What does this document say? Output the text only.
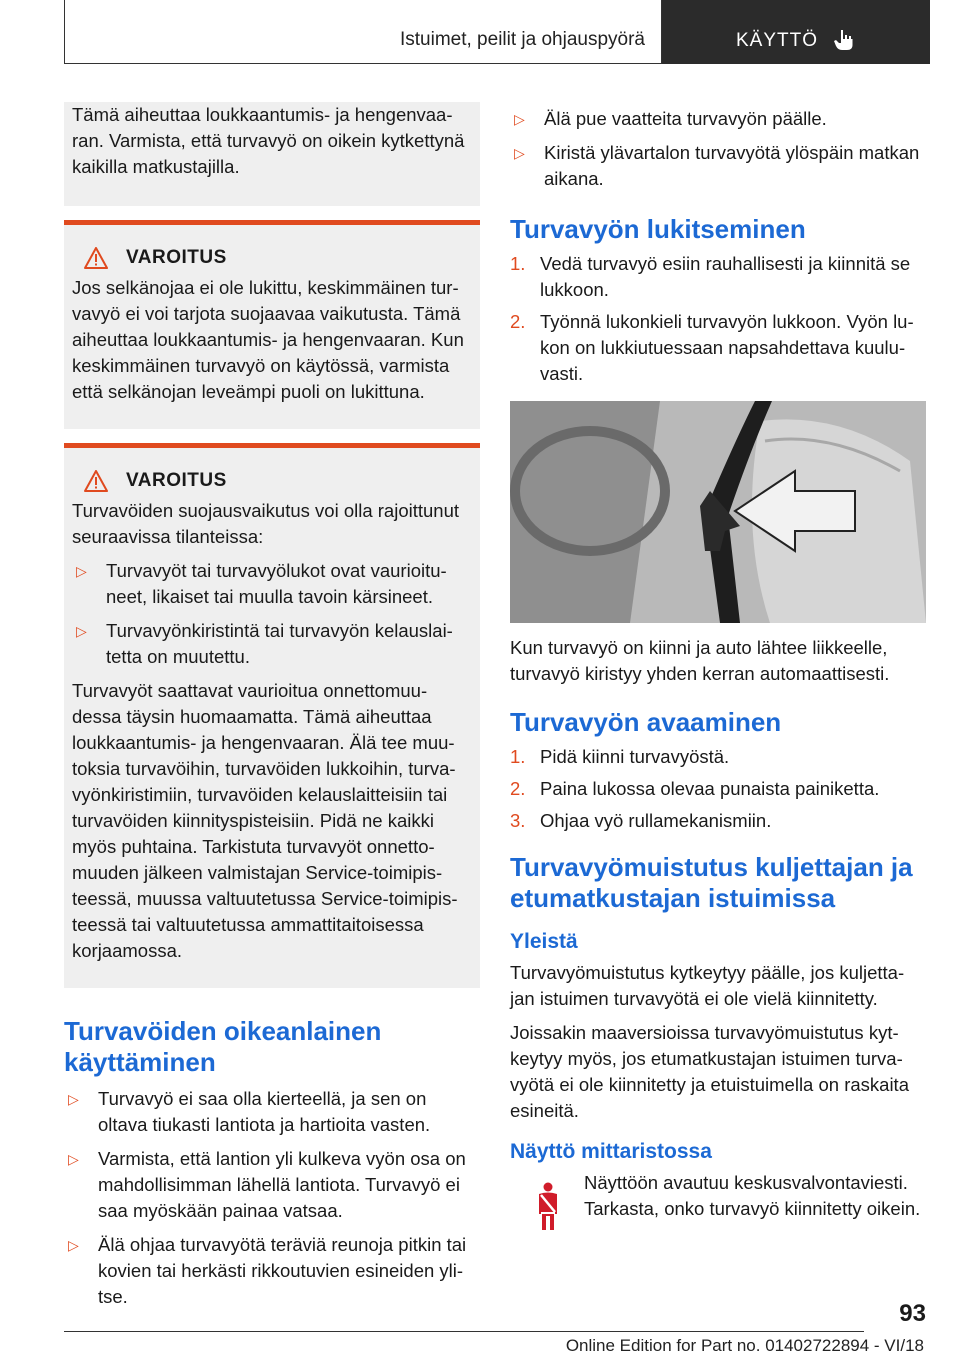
Istuimet, peilit ja ohjauspyörä	KÄYTTÖ

Tämä aiheuttaa loukkaantumis- ja hengenvaa-ran. Varmista, että turvavyö on oikein kytkettynä kaikilla matkustajilla.

VAROITUS

Jos selkänojaa ei ole lukittu, keskimmäinen tur-vavyö ei voi tarjota suojaavaa vaikutusta. Tämä aiheuttaa loukkaantumis- ja hengenvaaran. Kun keskimmäinen turvavyö on käytössä, varmista että selkänojan leveämpi puoli on lukittuna.

VAROITUS

Turvavöiden suojausvaikutus voi olla rajoittunut seuraavissa tilanteissa:

▷ Turvavyöt tai turvavyölukot ovat vaurioitu-neet, likaiset tai muulla tavoin kärsineet.
▷ Turvavyönkiristintä tai turvavyön kelauslai-tetta on muutettu.

Turvavyöt saattavat vaurioitua onnettomuu-dessa täysin huomaamatta. Tämä aiheuttaa loukkaantumis- ja hengenvaaran. Älä tee muu-toksia turvavöihin, turvavöiden lukkoihin, turva-vyönkiristimiin, turvavöiden kelauslaitteisiin tai turvavöiden kiinnityspisteisiin. Pidä ne kaikki myös puhtaina. Tarkistuta turvavyöt onnetto-muuden jälkeen valmistajan Service-toimipis-teessä, muussa valtuutetussa Service-toimipis-teessä tai valtuutetussa ammattitaitoisessa korjaamossa.

Turvavöiden oikeanlainen käyttäminen
▷ Turvavyö ei saa olla kierteellä, ja sen on oltava tiukasti lantiota ja hartioita vasten.
▷ Varmista, että lantion yli kulkeva vyön osa on mahdollisimman lähellä lantiota. Turvavyö ei saa myöskään painaa vatsaa.
▷ Älä ohjaa turvavyötä teräviä reunoja pitkin tai kovien tai herkästi rikkoutuvien esineiden yli-tse.
▷ Älä pue vaatteita turvavyön päälle.
▷ Kiristä ylävartalon turvavyötä ylöspäin matkan aikana.
Turvavyön lukitseminen
1. Vedä turvavyö esiin rauhallisesti ja kiinnitä se lukkoon.
2. Työnnä lukonkieli turvavyön lukkoon. Vyön lu-kon on lukkiutuessaan napsahdettava kuulu-vasti.

Kun turvavyö on kiinni ja auto lähtee liikkeelle, turvavyö kiristyy yhden kerran automaattisesti.

Turvavyön avaaminen
1. Pidä kiinni turvavyöstä.
2. Paina lukossa olevaa punaista painiketta.
3. Ohjaa vyö rullamekanismiin.
Turvavyömuistutus kuljettajan ja etumatkustajan istuimissa
Yleistä

Turvavyömuistutus kytkeytyy päälle, jos kuljetta-jan istuimen turvavyötä ei ole vielä kiinnitetty.

Joissakin maaversioissa turvavyömuistutus kyt-keytyy myös, jos etumatkustajan istuimen turva-vyötä ei ole kiinnitetty ja etuistuimella on raskaita esineitä.

Näyttö mittaristossa

Näyttöön avautuu keskusvalvontaviesti. Tarkasta, onko turvavyö kiinnitetty oikein.

93
Online Edition for Part no. 01402722894 - VI/18
